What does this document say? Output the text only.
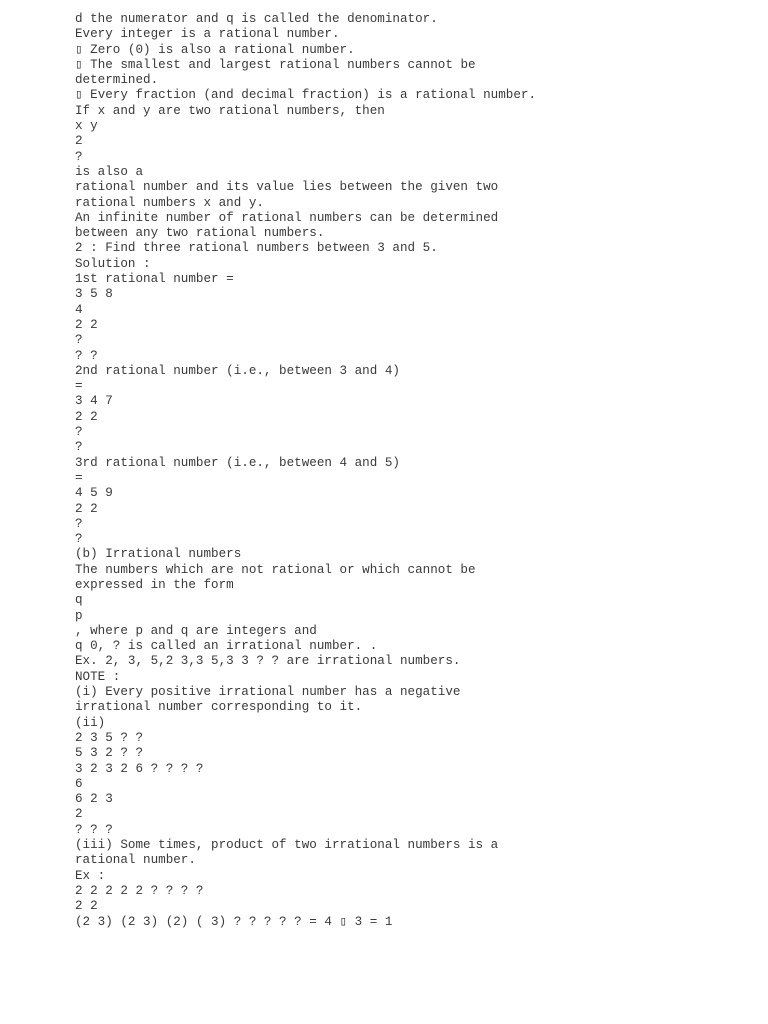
d the numerator and q is called the denominator.
Every integer is a rational number.
▯ Zero (0) is also a rational number.
▯ The smallest and largest rational numbers cannot be
determined.
▯ Every fraction (and decimal fraction) is a rational number.
If x and y are two rational numbers, then
x y
2
?
is also a
rational number and its value lies between the given two
rational numbers x and y.
An infinite number of rational numbers can be determined
between any two rational numbers.
2 : Find three rational numbers between 3 and 5.
Solution :
1st rational number =
3 5 8
4
2 2
?
? ?
2nd rational number (i.e., between 3 and 4)
=
3 4 7
2 2
?
?
3rd rational number (i.e., between 4 and 5)
=
4 5 9
2 2
?
?
(b) Irrational numbers
The numbers which are not rational or which cannot be
expressed in the form
q
p
, where p and q are integers and
q 0, ? is called an irrational number. .
Ex. 2, 3, 5,2 3,3 5,3 3 ? ? are irrational numbers.
NOTE :
(i) Every positive irrational number has a negative
irrational number corresponding to it.
(ii)
2 3 5 ? ?
5 3 2 ? ?
3 2 3 2 6 ? ? ? ?
6
6 2 3
2
? ? ?
(iii) Some times, product of two irrational numbers is a
rational number.
Ex :
2 2 2 2 2 ? ? ? ?
2 2
(2 3) (2 3) (2) ( 3) ? ? ? ? ? = 4 ▯ 3 = 1
